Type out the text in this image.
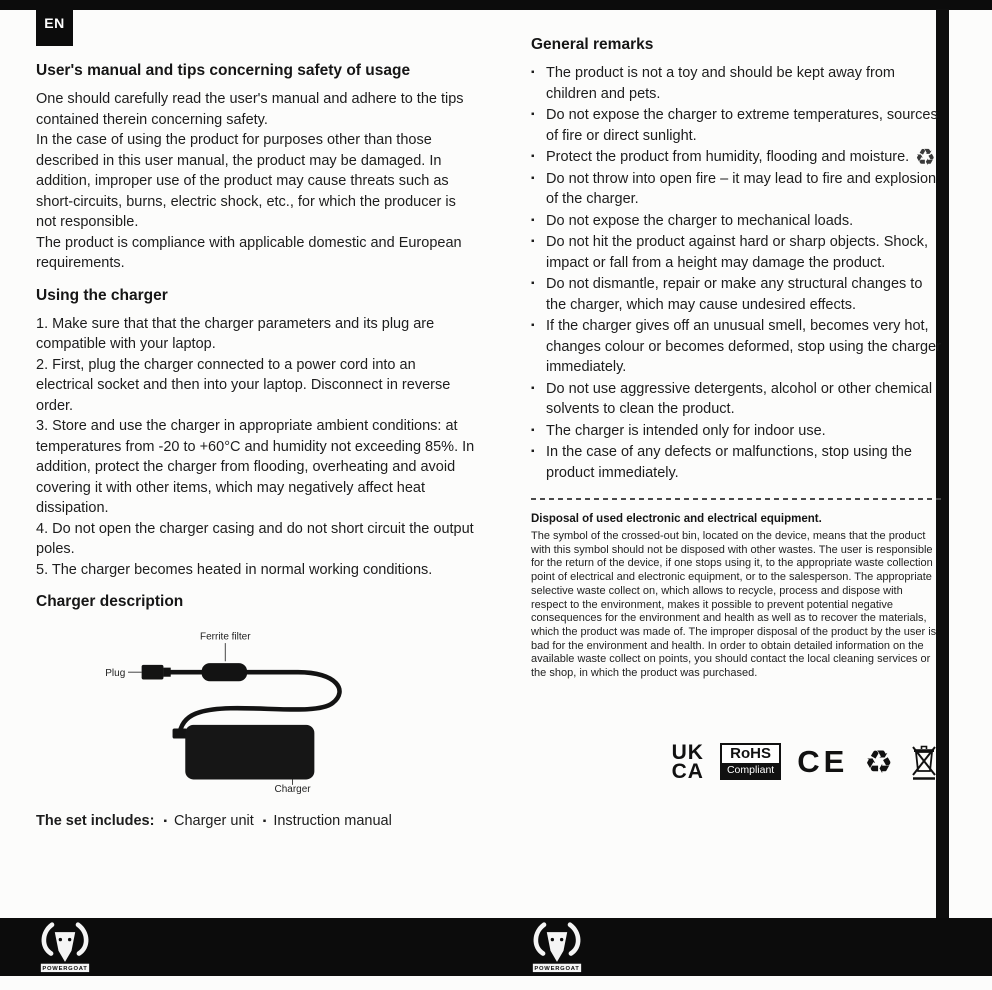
EN
♻
User's manual and tips concerning safety of usage

One should carefully read the user's manual and adhere to the tips contained therein concerning safety.

In the case of using the product for purposes other than those described in this user manual, the product may be damaged. In addition, improper use of the product may cause threats such as short-circuits, burns, electric shock, etc., for which the producer is not responsible.

The product is compliance with applicable domestic and European requirements.

Using the charger

1. Make sure that that the charger parameters and its plug are compatible with your laptop.

2. First, plug the charger connected to a power cord into an electrical socket and then into your laptop. Disconnect in reverse order.

3. Store and use the charger in appropriate ambient conditions: at temperatures from -20 to +60°C and humidity not exceeding 85%. In addition, protect the charger from flooding, overheating and avoid covering it with other items, which may negatively affect heat dissipation.

4. Do not open the charger casing and do not short circuit the output poles.

5. The charger becomes heated in normal working conditions.

Charger description
Ferrite filter
Plug
Charger
The set includes: ▪ Charger unit ▪ Instruction manual
General remarks
▪ The product is not a toy and should be kept away from children and pets.
▪ Do not expose the charger to extreme temperatures, sources of fire or direct sunlight.
▪ Protect the product from humidity, flooding and moisture.
▪ Do not throw into open fire – it may lead to fire and explosion of the charger.
▪ Do not expose the charger to mechanical loads.
▪ Do not hit the product against hard or sharp objects. Shock, impact or fall from a height may damage the product.
▪ Do not dismantle, repair or make any structural changes to the charger, which may cause undesired effects.
▪ If the charger gives off an unusual smell, becomes very hot, changes colour or becomes deformed, stop using the charger immediately.
▪ Do not use aggressive detergents, alcohol or other chemical solvents to clean the product.
▪ The charger is intended only for indoor use.
▪ In the case of any defects or malfunctions, stop using the product immediately.
Disposal of used electronic and electrical equipment.

The symbol of the crossed-out bin, located on the device, means that the product with this symbol should not be disposed with other wastes. The user is responsible for the return of the device, if one stops using it, to the appropriate waste collection point of electrical and electronic equipment, or to the salesperson. The appropriate selective waste collect on, which allows to recycle, process and dispose with respect to the environment, makes it possible to prevent potential negative consequences for the environment and health as well as to recover the materials, which the product was made of. The improper disposal of the product by the user is bad for the environment and health. In order to obtain detailed information on the available waste collect on points, you should contact the local cleaning services or the shop, in which the product was purchased.

UK
CA
RoHS
Compliant CE
♻
POWERGOAT	POWERGOAT
